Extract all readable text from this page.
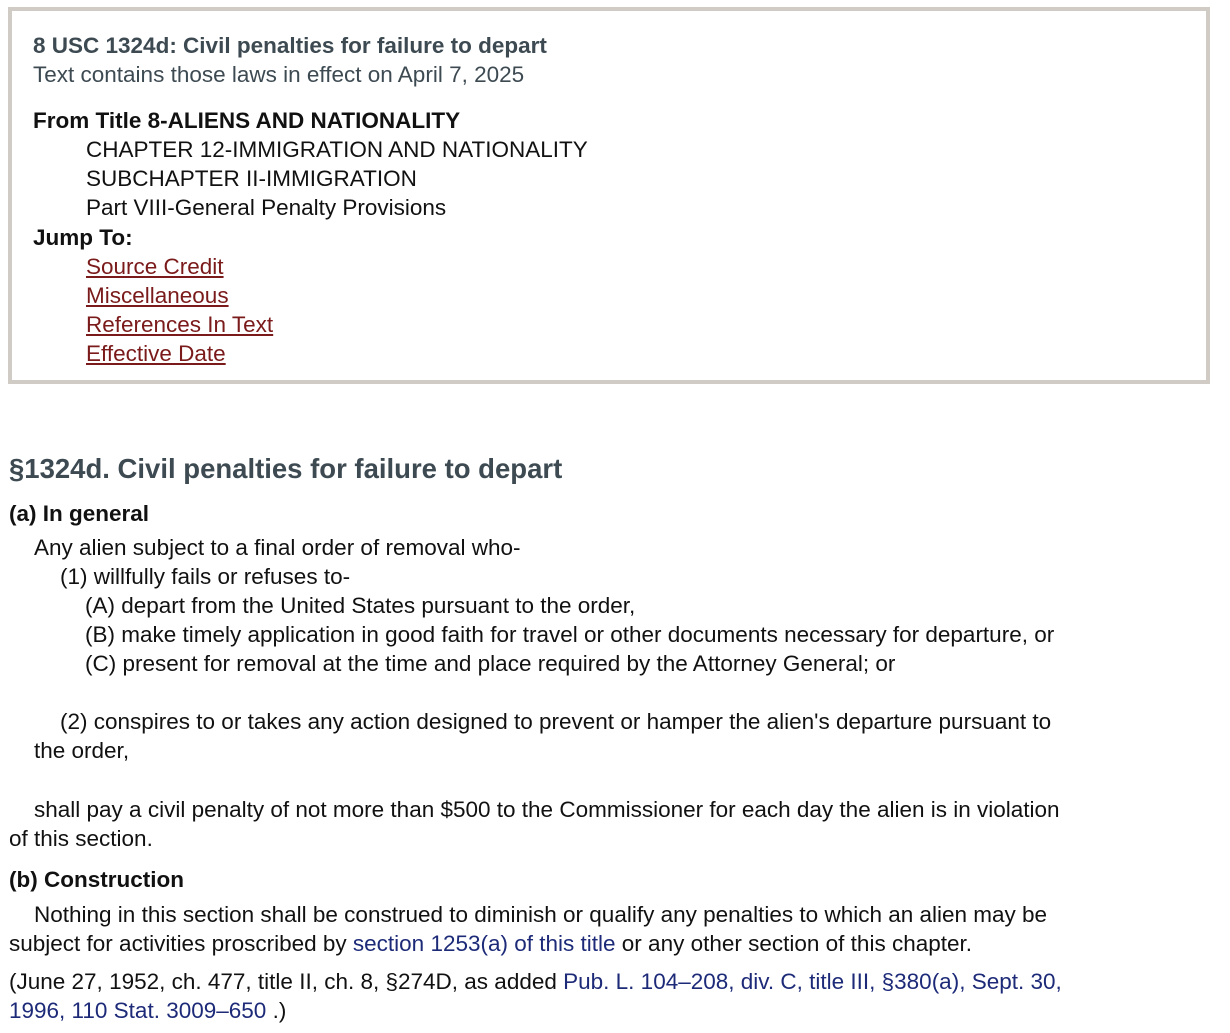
8 USC 1324d: Civil penalties for failure to depart
Text contains those laws in effect on April 7, 2025
From Title 8-ALIENS AND NATIONALITY
CHAPTER 12-IMMIGRATION AND NATIONALITY
SUBCHAPTER II-IMMIGRATION
Part VIII-General Penalty Provisions
Jump To:
Source Credit
Miscellaneous
References In Text
Effective Date
§1324d. Civil penalties for failure to depart
(a) In general
Any alien subject to a final order of removal who-
(1) willfully fails or refuses to-
(A) depart from the United States pursuant to the order,
(B) make timely application in good faith for travel or other documents necessary for departure, or
(C) present for removal at the time and place required by the Attorney General; or
(2) conspires to or takes any action designed to prevent or hamper the alien's departure pursuant to
the order,
shall pay a civil penalty of not more than $500 to the Commissioner for each day the alien is in violation
of this section.
(b) Construction
Nothing in this section shall be construed to diminish or qualify any penalties to which an alien may be
subject for activities proscribed by section 1253(a) of this title or any other section of this chapter.
(June 27, 1952, ch. 477, title II, ch. 8, §274D, as added Pub. L. 104–208, div. C, title III, §380(a), Sept. 30,
1996, 110 Stat. 3009–650 .)
